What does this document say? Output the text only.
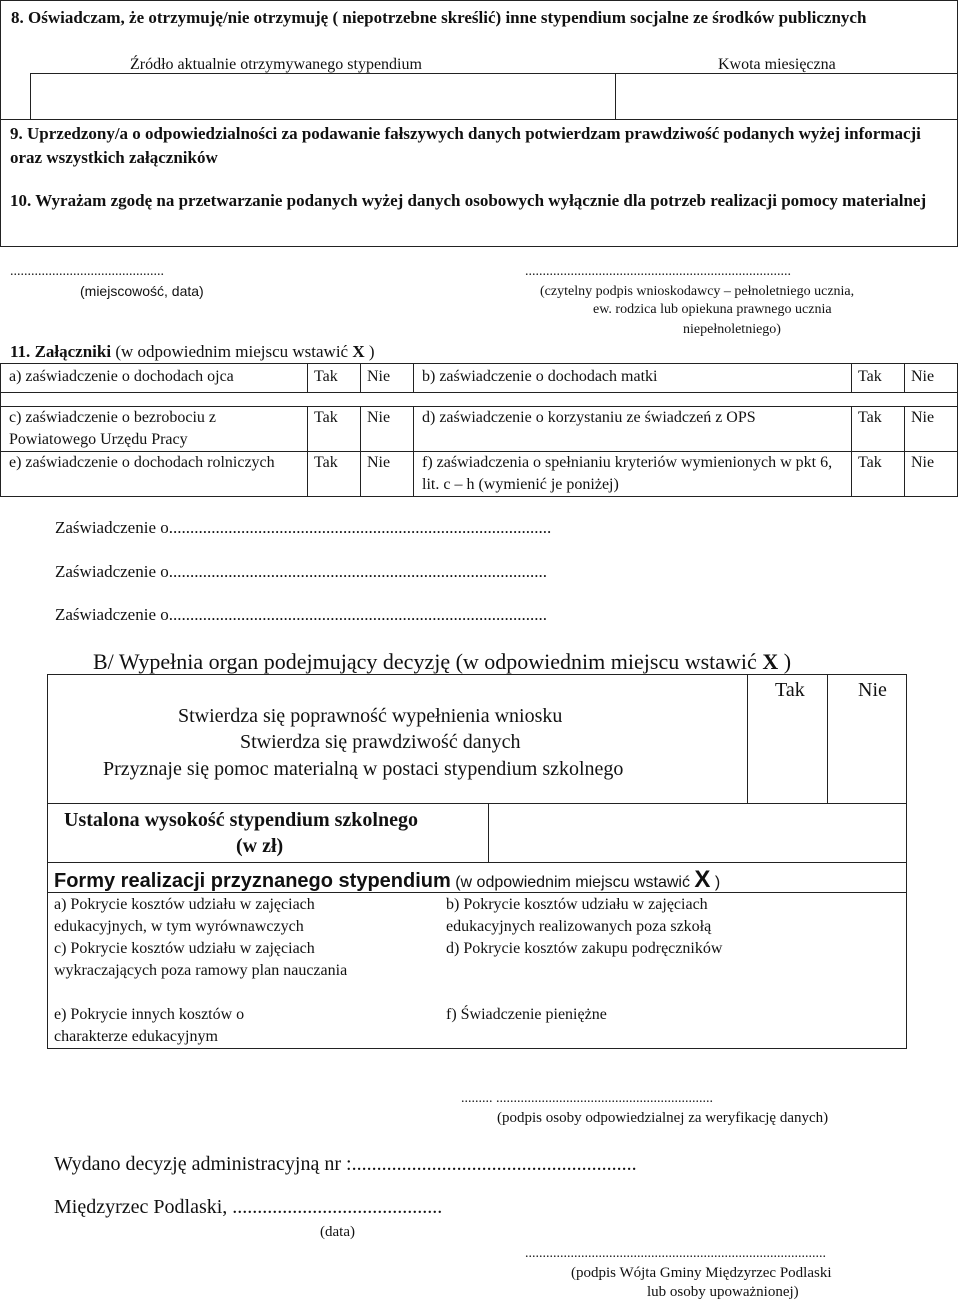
8. Oświadczam, że otrzymuję/nie otrzymuję ( niepotrzebne skreślić) inne stypendium socjalne ze środków publicznych
Źródło aktualnie otrzymywanego stypendium	Kwota miesięczna
9. Uprzedzony/a o odpowiedzialności za podawanie fałszywych danych potwierdzam prawdziwość podanych wyżej informacji oraz wszystkich załączników
10. Wyrażam zgodę na przetwarzanie podanych wyżej danych osobowych wyłącznie dla potrzeb realizacji pomocy materialnej
............................................
(miejscowość, data)
............................................................................
(czytelny podpis wnioskodawcy – pełnoletniego ucznia,
ew. rodzica lub opiekuna prawnego ucznia
niepełnoletniego)
11. Załączniki (w odpowiednim miejscu wstawić X )
a) zaświadczenie o dochodach ojca	Tak	Nie	b) zaświadczenie o dochodach matki	Tak	Nie

c) zaświadczenie o bezrobociu z Powiatowego Urzędu Pracy	Tak	Nie	d) zaświadczenie o korzystaniu ze świadczeń z OPS	Tak	Nie
e) zaświadczenie o dochodach rolniczych	Tak	Nie	f) zaświadczenia o spełnianiu kryteriów wymienionych w pkt 6, lit. c – h (wymienić je poniżej)	Tak	Nie
Zaświadczenie o..........................................................................................
Zaświadczenie o.........................................................................................
Zaświadczenie o.........................................................................................
B/ Wypełnia organ podejmujący decyzję (w odpowiednim miejscu wstawić X )
Tak	Nie
Stwierdza się poprawność wypełnienia wniosku
Stwierdza się prawdziwość danych
Przyznaje się pomoc materialną w postaci stypendium szkolnego
Ustalona wysokość stypendium szkolnego
(w zł)
Formy realizacji przyznanego stypendium (w odpowiednim miejscu wstawić X )
a) Pokrycie kosztów udziału w zajęciach edukacyjnych, w tym wyrównawczych
b) Pokrycie kosztów udziału w zajęciach edukacyjnych realizowanych poza szkołą
c) Pokrycie kosztów udziału w zajęciach wykraczających poza ramowy plan nauczania
d) Pokrycie kosztów zakupu podręczników
e) Pokrycie innych kosztów o charakterze edukacyjnym
f) Świadczenie pieniężne
......... ..............................................................
(podpis osoby odpowiedzialnej za weryfikację danych)
Wydano decyzję administracyjną nr :.........................................................
Międzyrzec Podlaski, ..........................................
(data)
......................................................................................
(podpis Wójta Gminy Międzyrzec Podlaski
lub osoby upoważnionej)
